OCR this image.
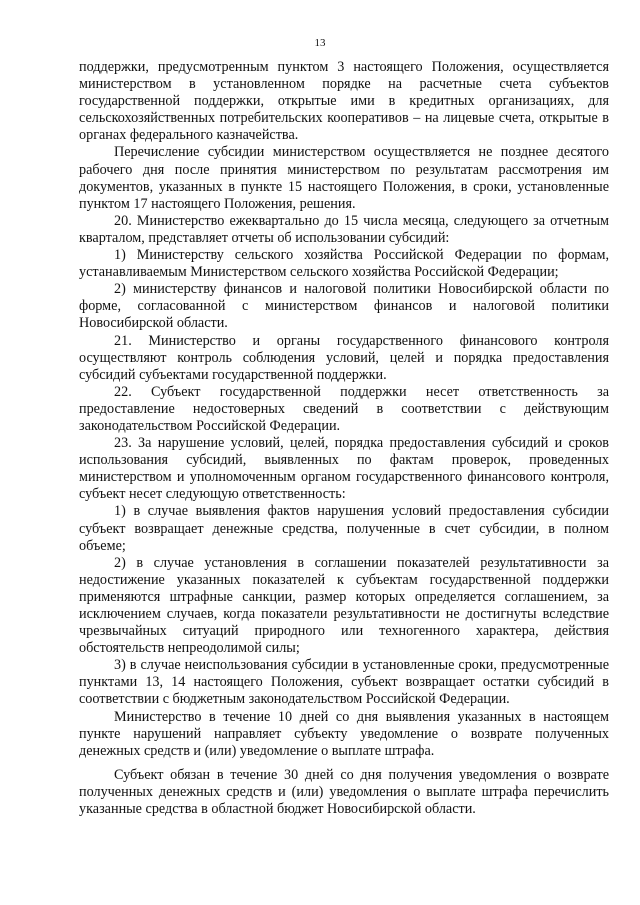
13

поддержки, предусмотренным пунктом 3 настоящего Положения, осуществляется министерством в установленном порядке на расчетные счета субъектов государственной поддержки, открытые ими в кредитных организациях, для сельскохозяйственных потребительских кооперативов – на лицевые счета, открытые в органах федерального казначейства.

Перечисление субсидии министерством осуществляется не позднее десятого рабочего дня после принятия министерством по результатам рассмотрения им документов, указанных в пункте 15 настоящего Положения, в сроки, установленные пунктом 17 настоящего Положения, решения.

20. Министерство ежеквартально до 15 числа месяца, следующего за отчетным кварталом, представляет отчеты об использовании субсидий:

1) Министерству сельского хозяйства Российской Федерации по формам, устанавливаемым Министерством сельского хозяйства Российской Федерации;

2) министерству финансов и налоговой политики Новосибирской области по форме, согласованной с министерством финансов и налоговой политики Новосибирской области.

21. Министерство и органы государственного финансового контроля осуществляют контроль соблюдения условий, целей и порядка предоставления субсидий субъектами государственной поддержки.

22. Субъект государственной поддержки несет ответственность за предоставление недостоверных сведений в соответствии с действующим законодательством Российской Федерации.

23. За нарушение условий, целей, порядка предоставления субсидий и сроков использования субсидий, выявленных по фактам проверок, проведенных министерством и уполномоченным органом государственного финансового контроля, субъект несет следующую ответственность:

1) в случае выявления фактов нарушения условий предоставления субсидии субъект возвращает денежные средства, полученные в счет субсидии, в полном объеме;

2) в случае установления в соглашении показателей результативности за недостижение указанных показателей к субъектам государственной поддержки применяются штрафные санкции, размер которых определяется соглашением, за исключением случаев, когда показатели результативности не достигнуты вследствие чрезвычайных ситуаций природного или техногенного характера, действия обстоятельств непреодолимой силы;

3) в случае неиспользования субсидии в установленные сроки, предусмотренные пунктами 13, 14 настоящего Положения, субъект возвращает остатки субсидий в соответствии с бюджетным законодательством Российской Федерации.

Министерство в течение 10 дней со дня выявления указанных в настоящем пункте нарушений направляет субъекту уведомление о возврате полученных денежных средств и (или) уведомление о выплате штрафа.

Субъект обязан в течение 30 дней со дня получения уведомления о возврате полученных денежных средств и (или) уведомления о выплате штрафа перечислить указанные средства в областной бюджет Новосибирской области.
